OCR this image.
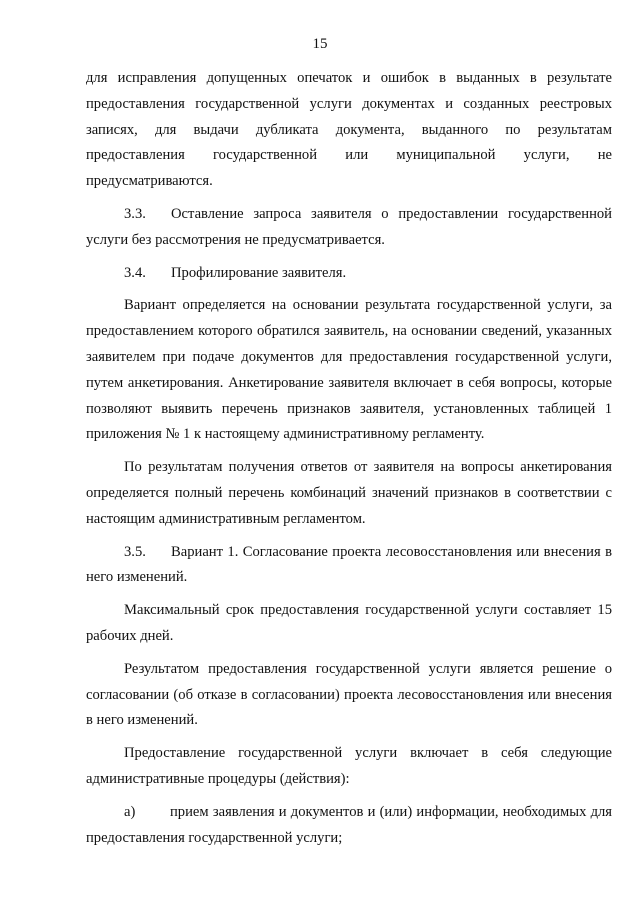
15

для исправления допущенных опечаток и ошибок в выданных в результате предоставления государственной услуги документах и созданных реестровых записях, для выдачи дубликата документа, выданного по результатам предоставления государственной или муниципальной услуги, не предусматриваются.

3.3. Оставление запроса заявителя о предоставлении государственной услуги без рассмотрения не предусматривается.

3.4. Профилирование заявителя.

Вариант определяется на основании результата государственной услуги, за предоставлением которого обратился заявитель, на основании сведений, указанных заявителем при подаче документов для предоставления государственной услуги, путем анкетирования. Анкетирование заявителя включает в себя вопросы, которые позволяют выявить перечень признаков заявителя, установленных таблицей 1 приложения № 1 к настоящему административному регламенту.

По результатам получения ответов от заявителя на вопросы анкетирования определяется полный перечень комбинаций значений признаков в соответствии с настоящим административным регламентом.

3.5. Вариант 1. Согласование проекта лесовосстановления или внесения в него изменений.

Максимальный срок предоставления государственной услуги составляет 15 рабочих дней.

Результатом предоставления государственной услуги является решение о согласовании (об отказе в согласовании) проекта лесовосстановления или внесения в него изменений.

Предоставление государственной услуги включает в себя следующие административные процедуры (действия):

а) прием заявления и документов и (или) информации, необходимых для предоставления государственной услуги;
